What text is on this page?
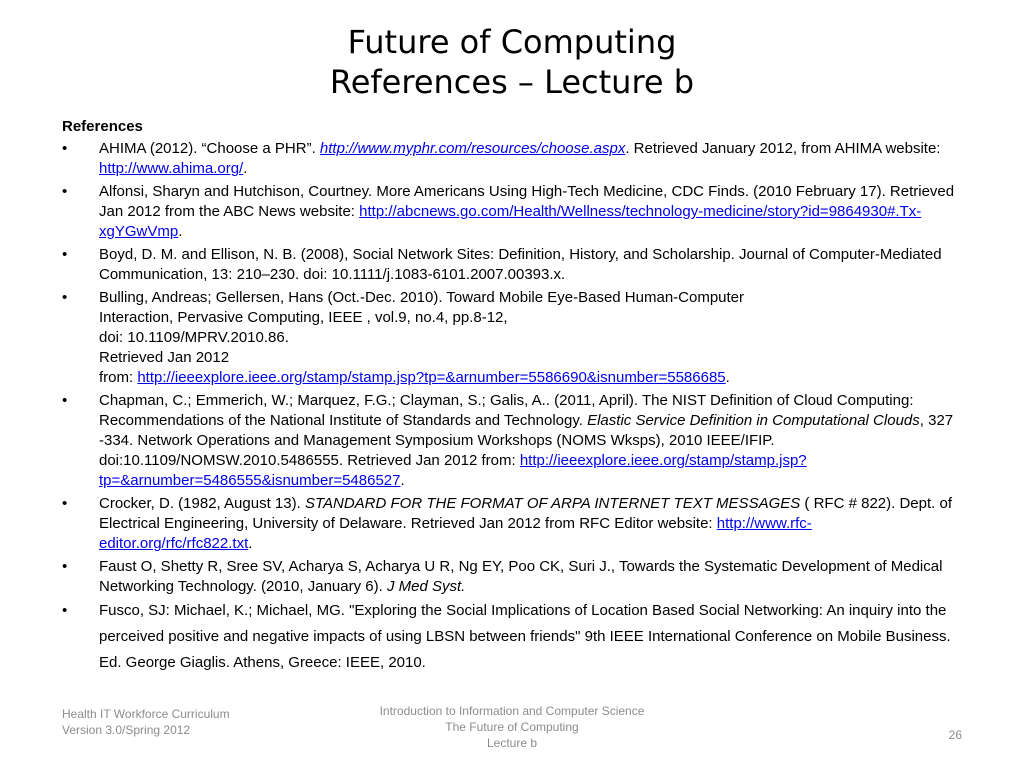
Future of Computing
References – Lecture b
References
• AHIMA (2012). “Choose a PHR”. http://www.myphr.com/resources/choose.aspx. Retrieved January 2012, from AHIMA website: http://www.ahima.org/.
• Alfonsi, Sharyn and Hutchison, Courtney. More Americans Using High-Tech Medicine, CDC Finds. (2010 February 17). Retrieved Jan 2012 from the ABC News website: http://abcnews.go.com/Health/Wellness/technology-medicine/story?id=9864930#.Tx-xgYGwVmp.
• Boyd, D. M. and Ellison, N. B. (2008), Social Network Sites: Definition, History, and Scholarship. Journal of Computer-Mediated Communication, 13: 210–230. doi: 10.1111/j.1083-6101.2007.00393.x.
• Bulling, Andreas; Gellersen, Hans (Oct.-Dec. 2010). Toward Mobile Eye-Based Human-Computer
Interaction, Pervasive Computing, IEEE , vol.9, no.4, pp.8-12,
doi: 10.1109/MPRV.2010.86.
Retrieved Jan 2012
from: http://ieeexplore.ieee.org/stamp/stamp.jsp?tp=&arnumber=5586690&isnumber=5586685.
• Chapman, C.; Emmerich, W.; Marquez, F.G.; Clayman, S.; Galis, A.. (2011, April). The NIST Definition of Cloud Computing: Recommendations of the National Institute of Standards and Technology. Elastic Service Definition in Computational Clouds, 327 -334. Network Operations and Management Symposium Workshops (NOMS Wksps), 2010 IEEE/IFIP. doi:10.1109/NOMSW.2010.5486555. Retrieved Jan 2012 from: http://ieeexplore.ieee.org/stamp/stamp.jsp?tp=&arnumber=5486555&isnumber=5486527.
• Crocker, D. (1982, August 13). STANDARD FOR THE FORMAT OF ARPA INTERNET TEXT MESSAGES ( RFC # 822). Dept. of Electrical Engineering, University of Delaware. Retrieved Jan 2012 from RFC Editor website: http://www.rfc-editor.org/rfc/rfc822.txt.
• Faust O, Shetty R, Sree SV, Acharya S, Acharya U R, Ng EY, Poo CK, Suri J., Towards the Systematic Development of Medical Networking Technology. (2010, January 6). J Med Syst.
• Fusco, SJ: Michael, K.; Michael, MG. "Exploring the Social Implications of Location Based Social Networking: An inquiry into the perceived positive and negative impacts of using LBSN between friends" 9th IEEE International Conference on Mobile Business. Ed. George Giaglis. Athens, Greece: IEEE, 2010.
Health IT Workforce Curriculum
Version 3.0/Spring 2012
Introduction to Information and Computer Science
The Future of Computing
Lecture b
26
